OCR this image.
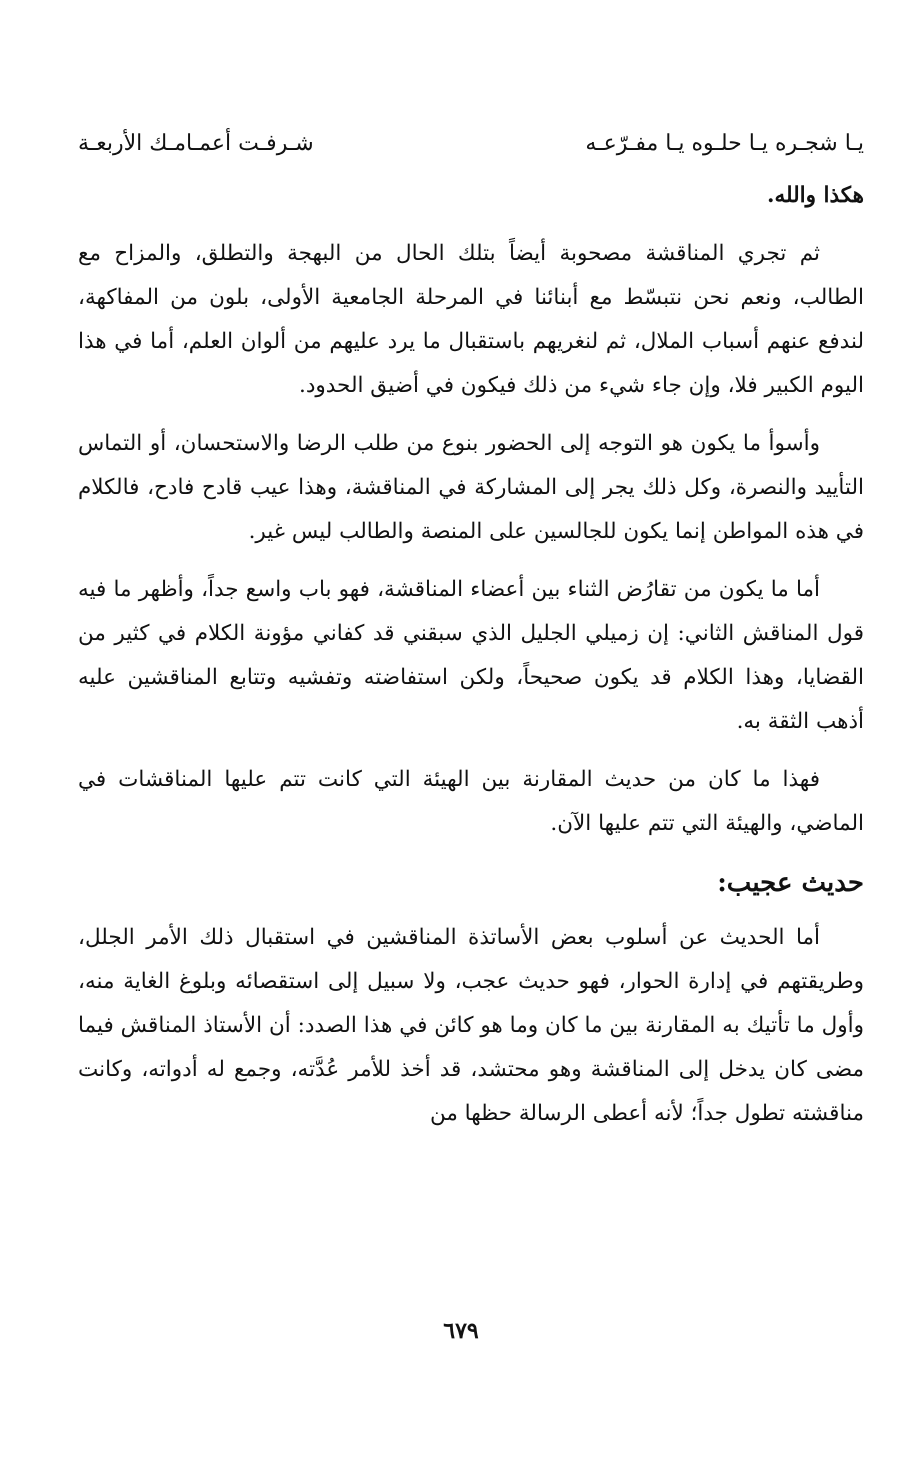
يـا شجـره يـا حلـوه يـا مفـرّعـه
شـرفـت أعمـامـك الأربعـة
هكذا والله.

ثم تجري المناقشة مصحوبة أيضاً بتلك الحال من البهجة والتطلق، والمزاح مع الطالب، ونعم نحن نتبسّط مع أبنائنا في المرحلة الجامعية الأولى، بلون من المفاكهة، لندفع عنهم أسباب الملال، ثم لنغريهم باستقبال ما يرد عليهم من ألوان العلم، أما في هذا اليوم الكبير فلا، وإن جاء شيء من ذلك فيكون في أضيق الحدود.

وأسوأ ما يكون هو التوجه إلى الحضور بنوع من طلب الرضا والاستحسان، أو التماس التأييد والنصرة، وكل ذلك يجر إلى المشاركة في المناقشة، وهذا عيب قادح فادح، فالكلام في هذه المواطن إنما يكون للجالسين على المنصة والطالب ليس غير.

أما ما يكون من تقارُض الثناء بين أعضاء المناقشة، فهو باب واسع جداً، وأظهر ما فيه قول المناقش الثاني: إن زميلي الجليل الذي سبقني قد كفاني مؤونة الكلام في كثير من القضايا، وهذا الكلام قد يكون صحيحاً، ولكن استفاضته وتفشيه وتتابع المناقشين عليه أذهب الثقة به.

فهذا ما كان من حديث المقارنة بين الهيئة التي كانت تتم عليها المناقشات في الماضي، والهيئة التي تتم عليها الآن.

حديث عجيب:

أما الحديث عن أسلوب بعض الأساتذة المناقشين في استقبال ذلك الأمر الجلل، وطريقتهم في إدارة الحوار، فهو حديث عجب، ولا سبيل إلى استقصائه وبلوغ الغاية منه، وأول ما تأتيك به المقارنة بين ما كان وما هو كائن في هذا الصدد: أن الأستاذ المناقش فيما مضى كان يدخل إلى المناقشة وهو محتشد، قد أخذ للأمر عُدَّته، وجمع له أدواته، وكانت مناقشته تطول جداً؛ لأنه أعطى الرسالة حظها من

٦٧٩
